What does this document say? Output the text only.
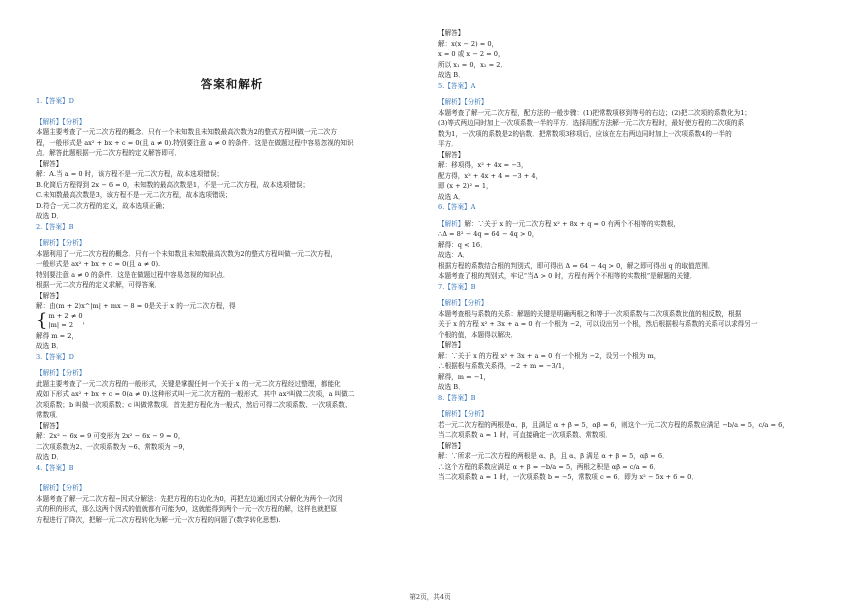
答案和解析
1.【答案】D
【解析】【分析】
本题主要考查了一元二次方程的概念．只有一个未知数且未知数最高次数为2的整式方程叫做一元二次方
程，一般形式是 ax² + bx + c = 0(且 a ≠ 0).特别要注意 a ≠ 0 的条件．这是在做题过程中容易忽视的知识
点．解答此题根据一元二次方程的定义解答即可．
【解答】
解：A.当 a = 0 时，该方程不是一元二次方程，故本选项错误；
B.化简后方程得到 2x − 6 = 0，未知数的最高次数是1，不是一元二次方程，故本选项错误；
C.未知数最高次数是3，该方程不是一元二次方程，故本选项错误；
D.符合一元二次方程的定义，故本选项正确；
故选 D．
2.【答案】B
【解析】【分析】
本题利用了一元二次方程的概念．只有一个未知数且未知数最高次数为2的整式方程叫做一元二次方程，
一般形式是 ax² + bx + c = 0(且 a ≠ 0).
特别要注意 a ≠ 0 的条件．这是在做题过程中容易忽视的知识点．
根据一元二次方程的定义求解，可得答案．
【解答】
解：由(m + 2)x^|m| + mx − 8 = 0是关于 x 的一元二次方程，得
{ m + 2 ≠ 0
|m| = 2	，
解得 m = 2，
故选 B．
3.【答案】D
【解析】【分析】
此题主要考查了一元二次方程的一般形式，关键是掌握任何一个关于 x 的一元二次方程经过整理，都能化
成如下形式 ax² + bx + c = 0(a ≠ 0).这种形式叫一元二次方程的一般形式．其中 ax²叫做二次项，a 叫做二
次项系数；b 叫做一次项系数；c 叫做常数项．首先把方程化为一般式，然后可得二次项系数、一次项系数、
常数项．
【解答】
解：2x² − 6x = 9 可变形为 2x² − 6x − 9 = 0，
二次项系数为2、一次项系数为 −6、常数项为 −9，
故选 D．
4.【答案】B
【解析】【分析】
本题考查了解一元二次方程−因式分解法：先把方程的右边化为0，再把左边通过因式分解化为两个一次因
式的积的形式，那么这两个因式的值就都有可能为0，这就能得到两个一元一次方程的解，这样也就把原
方程进行了降次，把解一元二次方程转化为解一元一次方程的问题了(数学转化思想).
【解答】
解：x(x − 2) = 0，
x = 0 或 x − 2 = 0，
所以 x₁ = 0，x₂ = 2．
故选 B．
5.【答案】A
【解析】【分析】
本题考查了解一元二次方程，配方法的一般步骤：(1)把常数项移到等号的右边；(2)把二次项的系数化为1；
(3)等式两边同时加上一次项系数一半的平方．选择用配方法解一元二次方程时，最好使方程的二次项的系
数为1，一次项的系数是2的倍数．把常数项3移项后，应该在左右两边同时加上一次项系数4的一半的
平方．
【解答】
解：移项得，x² + 4x = −3，
配方得，x² + 4x + 4 = −3 + 4，
即 (x + 2)² = 1，
故选 A．
6.【答案】A
【解析】解：∵关于 x 的一元二次方程 x² + 8x + q = 0 有两个不相等的实数根，
∴Δ = 8² − 4q = 64 − 4q > 0，
解得：q < 16．
故选：A．
根据方程的系数结合根的判别式，即可得出 Δ = 64 − 4q > 0，解之即可得出 q 的取值范围．
本题考查了根的判别式，牢记“当Δ > 0 时，方程有两个不相等的实数根”是解题的关键．
7.【答案】B
【解析】【分析】
本题考查根与系数的关系：解题的关键是明确两根之和等于一次项系数与二次项系数比值的相反数，根据
关于 x 的方程 x² + 3x + a = 0 有一个根为 −2，可以设出另一个根，然后根据根与系数的关系可以求得另一
个根的值，本题得以解决．
【解答】
解：∵关于 x 的方程 x² + 3x + a = 0 有一个根为 −2，设另一个根为 m，
∴根据根与系数关系得，−2 + m = −3/1，
解得，m = −1，
故选 B．
8.【答案】B
【解析】【分析】
若一元二次方程的两根是α、β，且满足 α + β = 5，αβ = 6，则这个一元二次方程的系数应满足 −b/a = 5，c/a = 6，
当二次项系数 a = 1 时，可直接确定一次项系数、常数项．
【解答】
解：∵所求一元二次方程的两根是 α、β，且 α、β 满足 α + β = 5，αβ = 6．
∴这个方程的系数应满足 α + β = −b/a = 5，两根之积是 αβ = c/a = 6．
当二次项系数 a = 1 时，一次项系数 b = −5，常数项 c = 6．即为 x² − 5x + 6 = 0．
第2页，共4页
